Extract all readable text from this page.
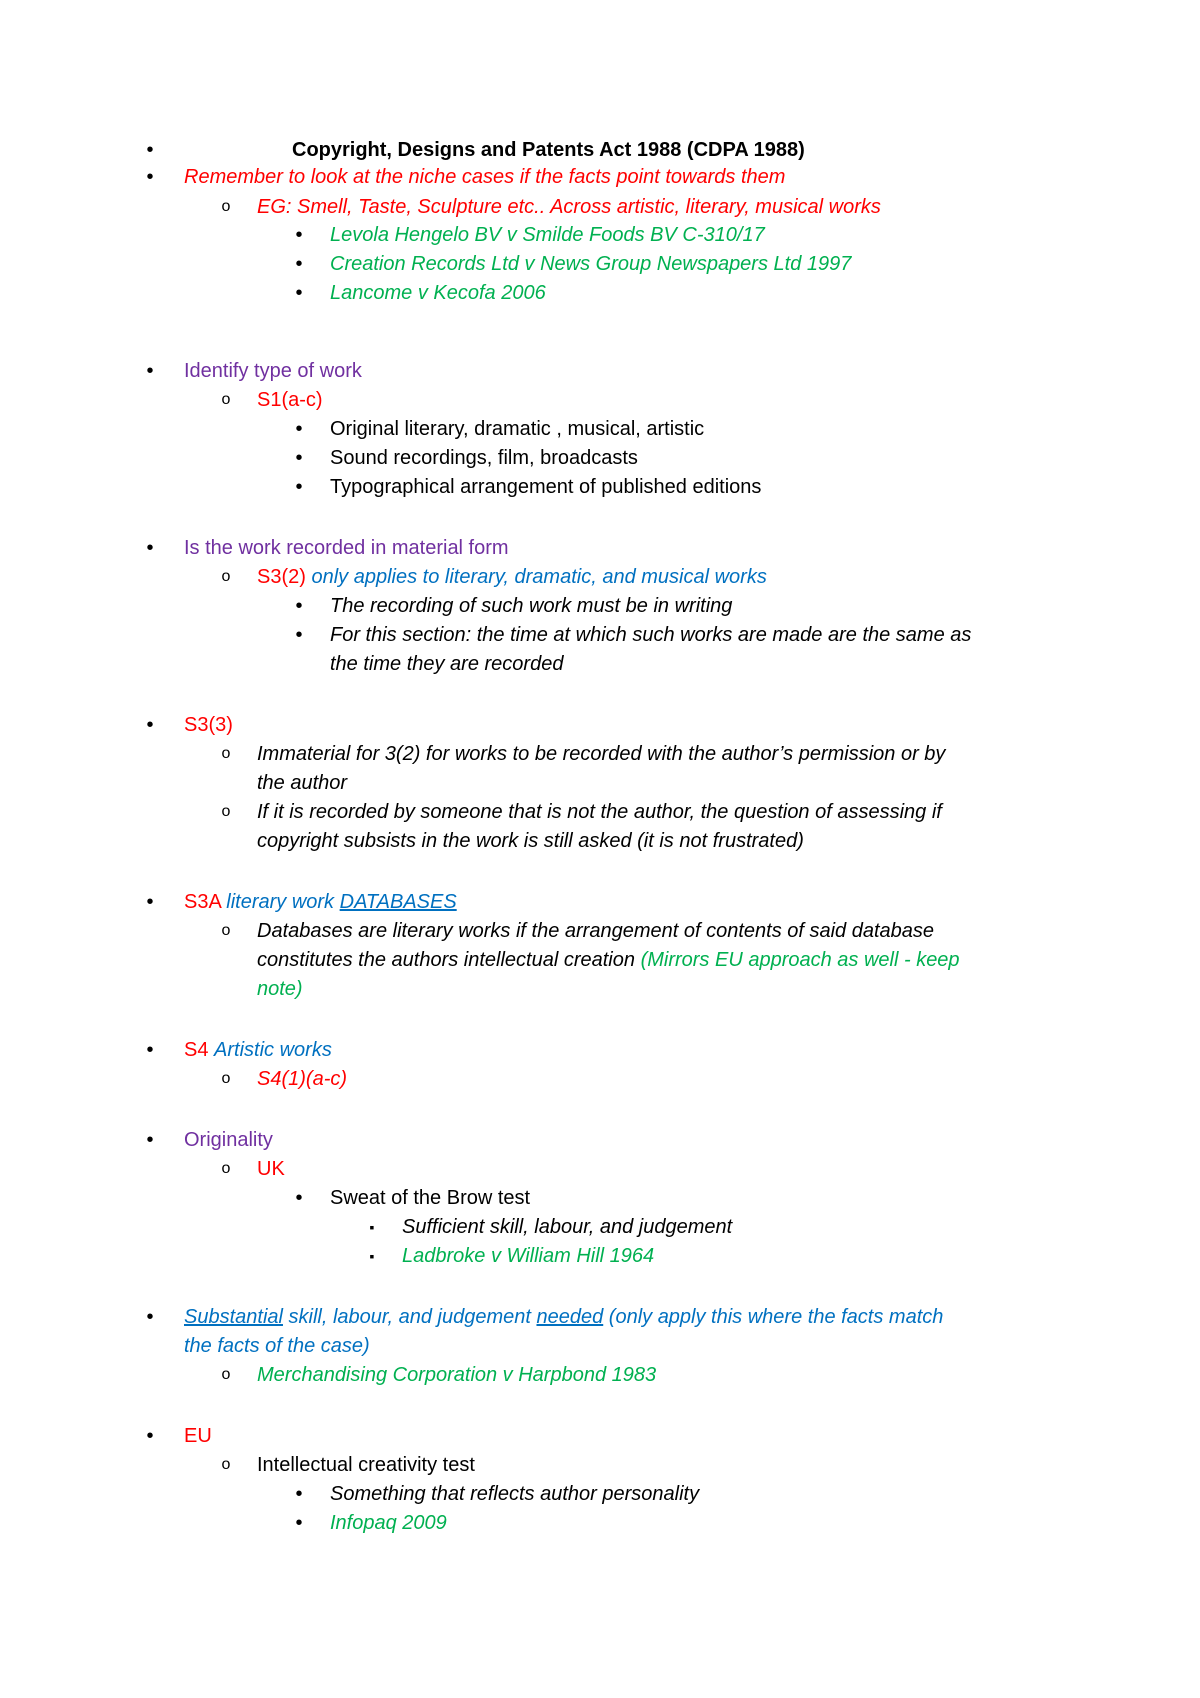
•	Copyright, Designs and Patents Act 1988 (CDPA 1988)
• Remember to look at the niche cases if the facts point towards them
o EG: Smell, Taste, Sculpture etc.. Across artistic, literary, musical works
• Levola Hengelo BV v Smilde Foods BV C-310/17
• Creation Records Ltd v News Group Newspapers Ltd 1997
• Lancome v Kecofa 2006
• Identify type of work
o S1(a-c)
• Original literary, dramatic , musical, artistic
• Sound recordings, film, broadcasts
• Typographical arrangement of published editions
• Is the work recorded in material form
o S3(2) only applies to literary, dramatic, and musical works
• The recording of such work must be in writing
• For this section: the time at which such works are made are the same as
the time they are recorded
• S3(3)
o Immaterial for 3(2) for works to be recorded with the author’s permission or by
the author
o If it is recorded by someone that is not the author, the question of assessing if
copyright subsists in the work is still asked (it is not frustrated)
• S3A literary work DATABASES
o Databases are literary works if the arrangement of contents of said database
constitutes the authors intellectual creation (Mirrors EU approach as well - keep
note)
• S4 Artistic works
o S4(1)(a-c)
• Originality
o UK
• Sweat of the Brow test
▪ Sufficient skill, labour, and judgement
▪ Ladbroke v William Hill 1964
• Substantial skill, labour, and judgement needed (only apply this where the facts match
the facts of the case)
o Merchandising Corporation v Harpbond 1983
• EU
o Intellectual creativity test
• Something that reflects author personality
• Infopaq 2009
